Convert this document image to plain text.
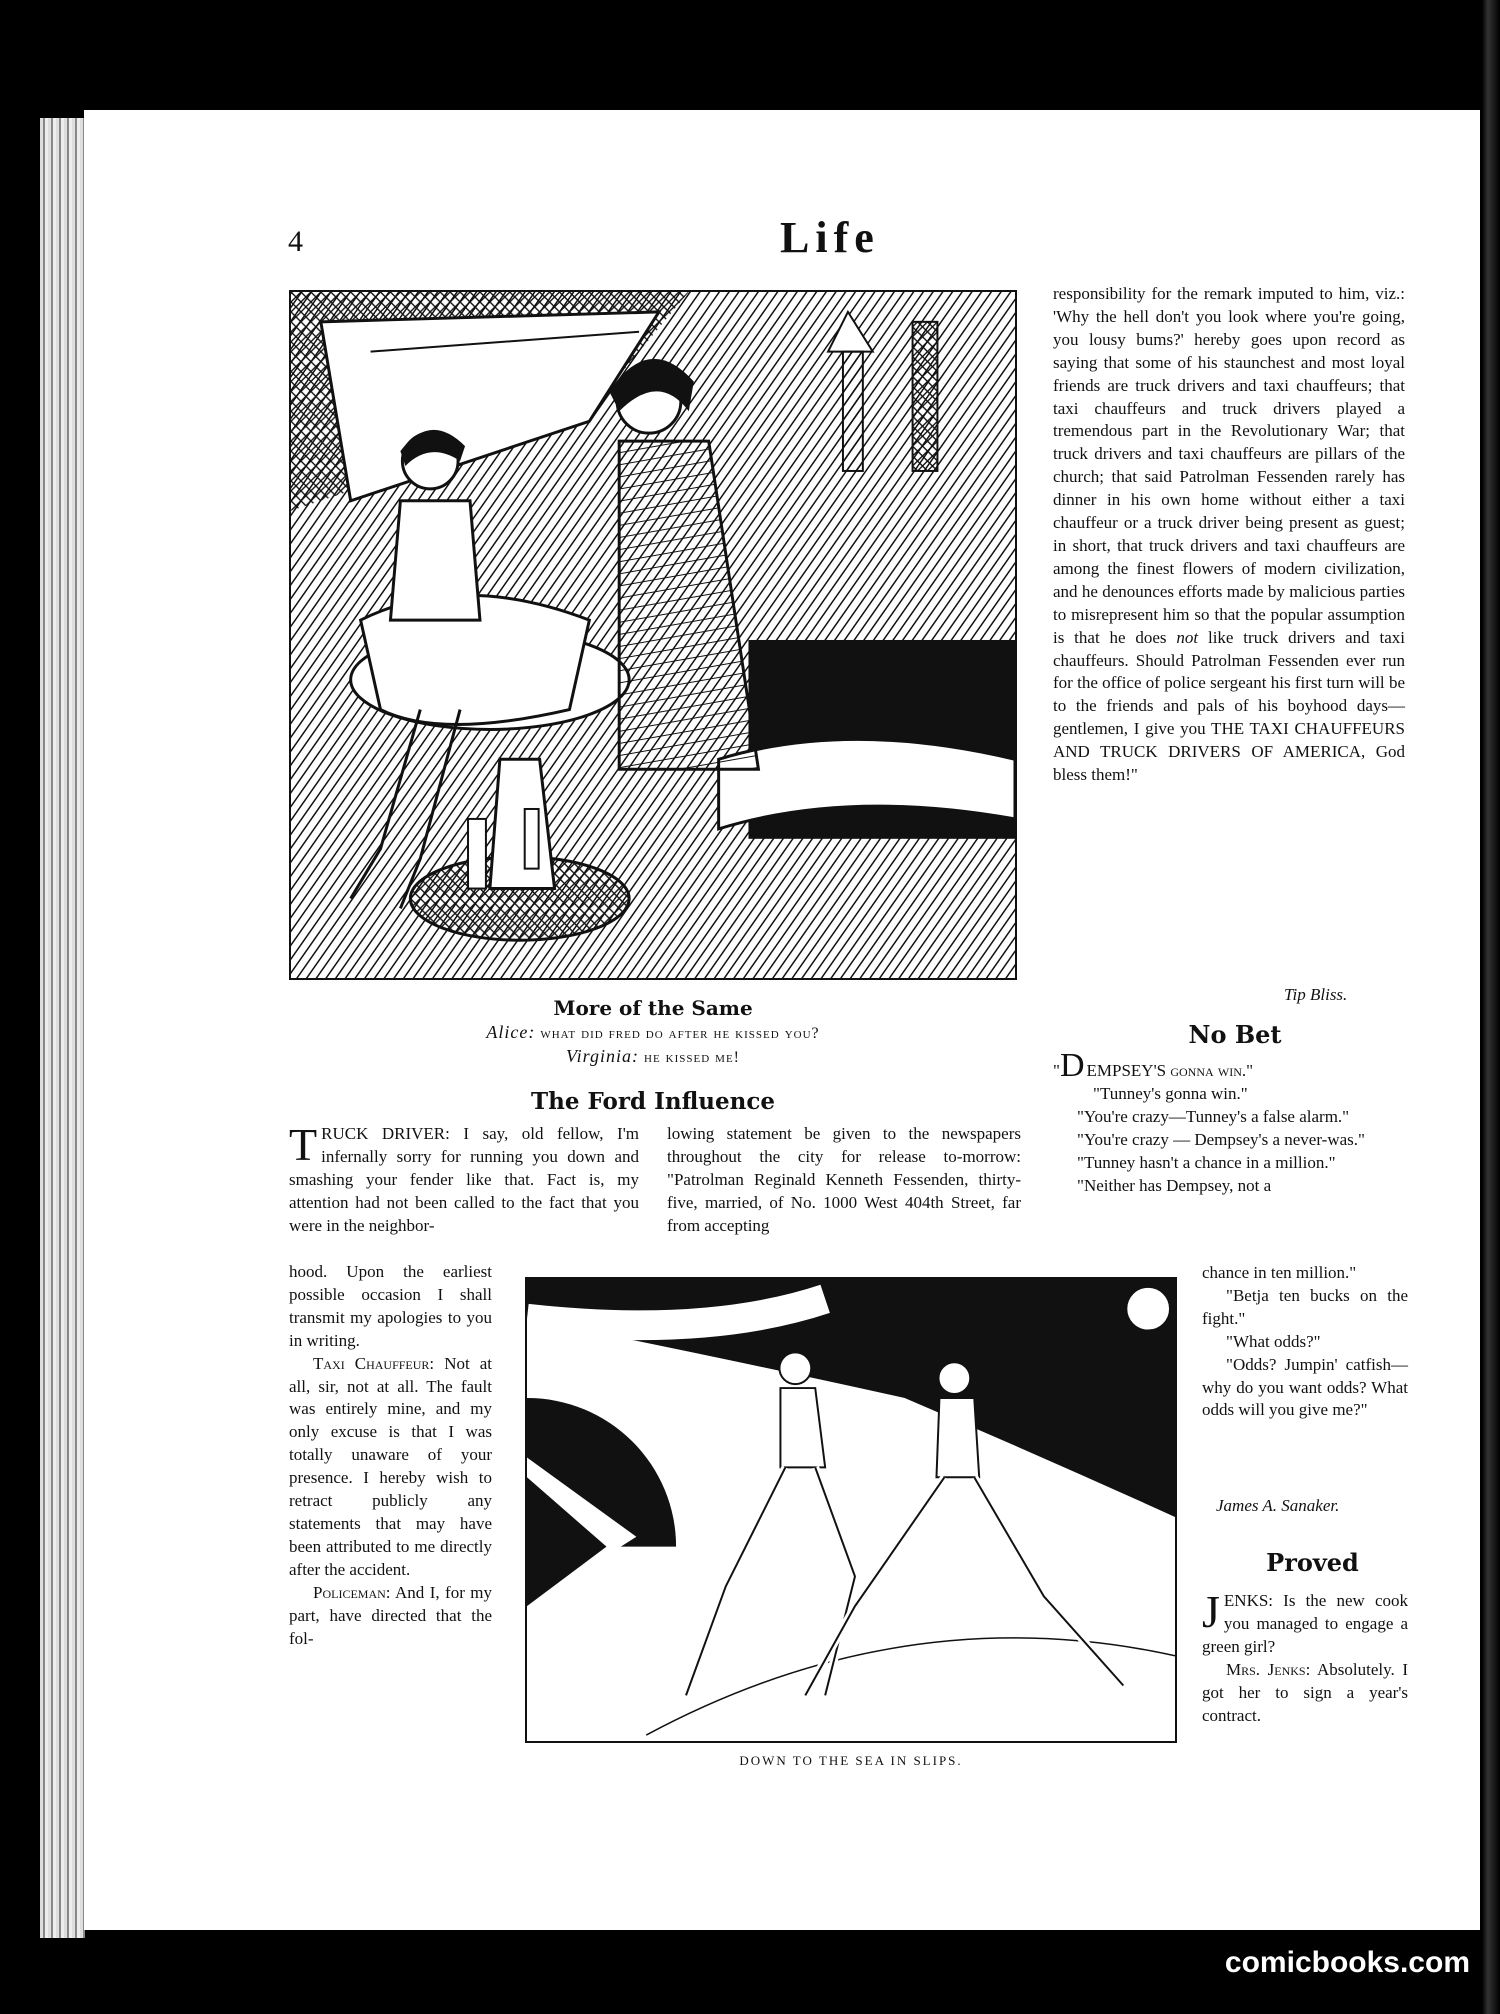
4	Life
More of the Same
Alice: what did fred do after he kissed you?
Virginia: he kissed me!
The Ford Influence

TRUCK DRIVER: I say, old fellow, I'm infernally sorry for running you down and smashing your fender like that. Fact is, my attention had not been called to the fact that you were in the neighbor-

hood. Upon the earliest possible occasion I shall transmit my apologies to you in writing.

Taxi Chauffeur: Not at all, sir, not at all. The fault was entirely mine, and my only excuse is that I was totally unaware of your presence. I hereby wish to retract publicly any statements that may have been attributed to me directly after the accident.

Policeman: And I, for my part, have directed that the fol-

lowing statement be given to the newspapers throughout the city for release to-morrow: "Patrolman Reginald Kenneth Fessenden, thirty-five, married, of No. 1000 West 404th Street, far from accepting

responsibility for the remark imputed to him, viz.: 'Why the hell don't you look where you're going, you lousy bums?' hereby goes upon record as saying that some of his staunchest and most loyal friends are truck drivers and taxi chauffeurs; that taxi chauffeurs and truck drivers played a tremendous part in the Revolutionary War; that truck drivers and taxi chauffeurs are pillars of the church; that said Patrolman Fessenden rarely has dinner in his own home without either a taxi chauffeur or a truck driver being present as guest; in short, that truck drivers and taxi chauffeurs are among the finest flowers of modern civilization, and he denounces efforts made by malicious parties to misrepresent him so that the popular assumption is that he does not like truck drivers and taxi chauffeurs. Should Patrolman Fessenden ever run for the office of police sergeant his first turn will be to the friends and pals of his boyhood days—gentlemen, I give you THE TAXI CHAUFFEURS AND TRUCK DRIVERS OF AMERICA, God bless them!"

Tip Bliss.
No Bet

"D EMPSEY'S gonna win."

"Tunney's gonna win."

"You're crazy—Tunney's a false alarm."

"You're crazy — Dempsey's a never-was."

"Tunney hasn't a chance in a million."

"Neither has Dempsey, not a

chance in ten million."

"Betja ten bucks on the fight."

"What odds?"

"Odds? Jumpin' catfish—why do you want odds? What odds will you give me?"

James A. Sanaker.
Proved

JENKS: Is the new cook you managed to engage a green girl?

Mrs. Jenks: Absolutely. I got her to sign a year's contract.

DOWN TO THE SEA IN SLIPS.
comicbooks.com
